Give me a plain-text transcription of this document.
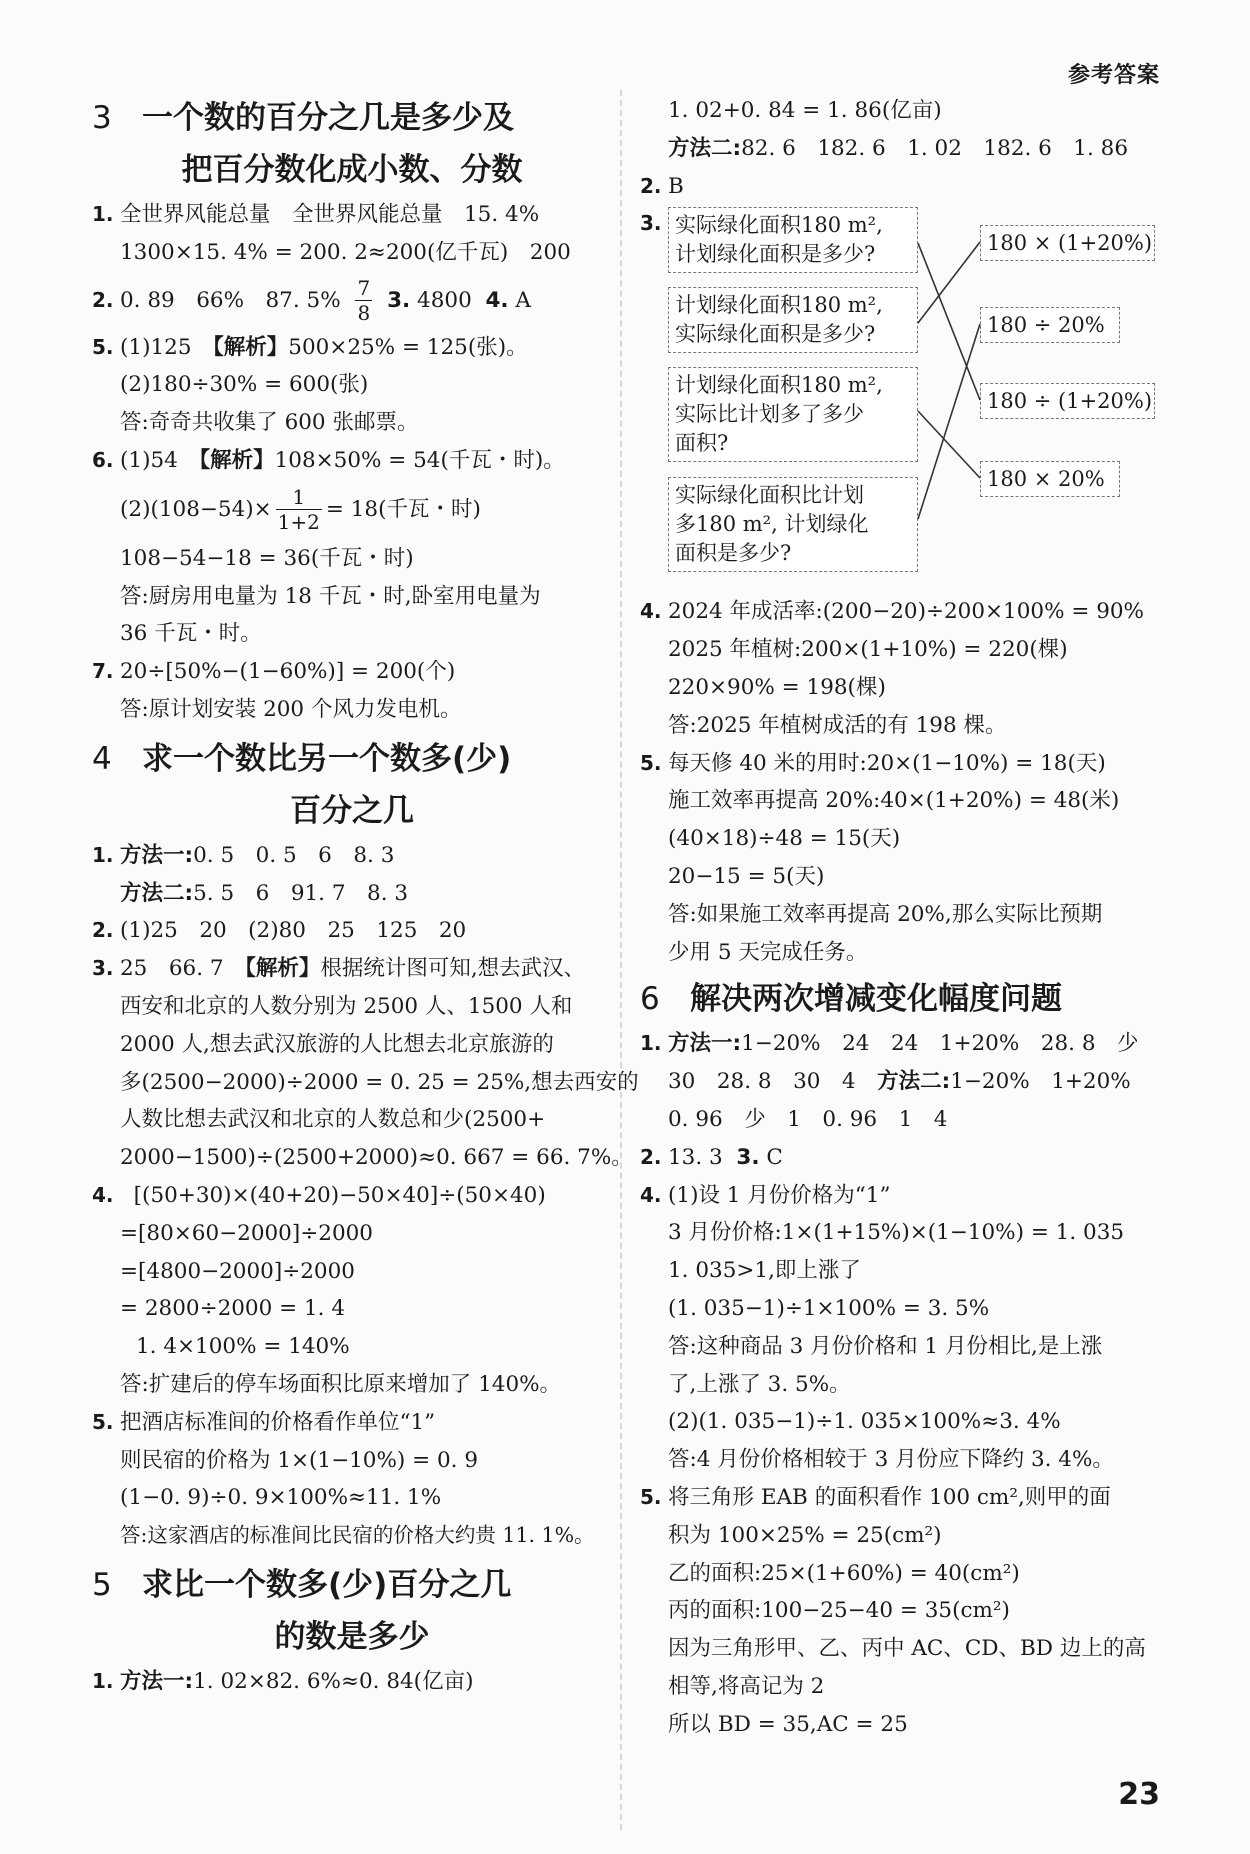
参考答案
3 一个数的百分之几是多少及
把百分数化成小数、分数
1. 全世界风能总量　全世界风能总量　15. 4%
1300×15. 4% = 200. 2≈200(亿千瓦)　200
2. 0. 89　66%　87. $5\% \frac{7}{8} 3$. 4800 4. A
5. (1)125　【解析】500×25% = 125(张)。
(2)180÷30% = 600(张)
答:奇奇共收集了 600 张邮票。
6. (1)54　【解析】108×50% = 54(千瓦・时)。
$(2)(108-54)\times \frac{1}{1+2} = 18$(千瓦・时)
108−54−18 = 36(千瓦・时)
答:厨房用电量为 18 千瓦・时,卧室用电量为
36 千瓦・时。
7. 20÷[50%−(1−60%)] = 200(个)
答:原计划安装 200 个风力发电机。
4 求一个数比另一个数多(少)
百分之几
1. 方法一:0. 5　0. 5　6　8. 3
方法二:5. 5　6　91. 7　8. 3
2. (1)25　20　(2)80　25　125　20
3. 25　66. 7　【解析】根据统计图可知,想去武汉、
西安和北京的人数分别为 2500 人、1500 人和
2000 人,想去武汉旅游的人比想去北京旅游的
多(2500−2000)÷2000 = 0. 25 = 25%,想去西安的
人数比想去武汉和北京的人数总和少(2500+
2000−1500)÷(2500+2000)≈0. 667 = 66. 7%。
4. [(50+30)×(40+20)−50×40]÷(50×40)
=[80×60−2000]÷2000
=[4800−2000]÷2000
= 2800÷2000 = 1. 4
1. 4×100% = 140%
答:扩建后的停车场面积比原来增加了 140%。
5. 把酒店标准间的价格看作单位“1”
则民宿的价格为 1×(1−10%) = 0. 9
(1−0. 9)÷0. 9×100%≈11. 1%
答:这家酒店的标准间比民宿的价格大约贵 11. 1%。
5 求比一个数多(少)百分之几
的数是多少
1. 方法一:1. 02×82. 6%≈0. 84(亿亩)
1. 02+0. 84 = 1. 86(亿亩)
方法二:82. 6　182. 6　1. 02　182. 6　1. 86
2. B
3. 实际绿化面积180 m²,
计划绿化面积是多少?
计划绿化面积180 m²,
实际绿化面积是多少?
计划绿化面积180 m²,
实际比计划多了多少
面积?
实际绿化面积比计划
多180 m², 计划绿化
面积是多少?
180 × (1+20%)
180 ÷ 20%
180 ÷ (1+20%)
180 × 20%
4. 2024 年成活率:(200−20)÷200×100% = 90%
2025 年植树:200×(1+10%) = 220(棵)
220×90% = 198(棵)
答:2025 年植树成活的有 198 棵。
5. 每天修 40 米的用时:20×(1−10%) = 18(天)
施工效率再提高 20%:40×(1+20%) = 48(米)
(40×18)÷48 = 15(天)
20−15 = 5(天)
答:如果施工效率再提高 20%,那么实际比预期
少用 5 天完成任务。
6 解决两次增减变化幅度问题
1. 方法一:1−20%　24　24　1+20%　28. 8　少
30　28. 8　30　4　方法二:1−20%　1+20%
0. 96　少　1　0. 96　1　4
2. 13. 3 3. C
4. (1)设 1 月份价格为“1”
3 月份价格:1×(1+15%)×(1−10%) = 1. 035
1. 035>1,即上涨了
(1. 035−1)÷1×100% = 3. 5%
答:这种商品 3 月份价格和 1 月份相比,是上涨
了,上涨了 3. 5%。
(2)(1. 035−1)÷1. 035×100%≈3. 4%
答:4 月份价格相较于 3 月份应下降约 3. 4%。
5. 将三角形 EAB 的面积看作 100 cm²,则甲的面
积为 100×25% = 25(cm²)
乙的面积:25×(1+60%) = 40(cm²)
丙的面积:100−25−40 = 35(cm²)
因为三角形甲、乙、丙中 AC、CD、BD 边上的高
相等,将高记为 2
所以 BD = 35,AC = 25
23
